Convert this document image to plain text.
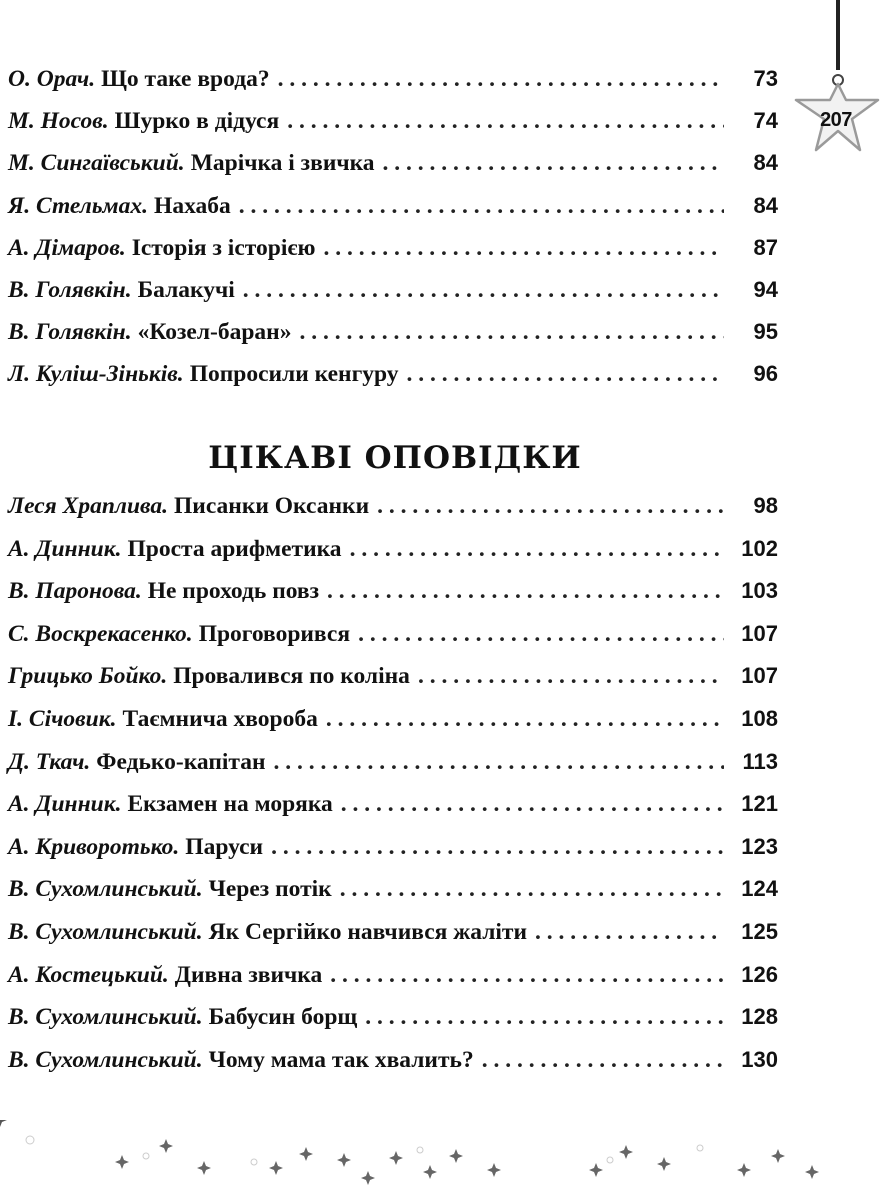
207
О. Орач. Що таке врода? . . .	73
М. Носов. Шурко в дідуся . . .	74
М. Сингаївський. Марічка і звичка . . .	84
Я. Стельмах. Нахаба . . .	84
А. Дімаров. Історія з історією . . .	87
В. Голявкін. Балакучі . . .	94
В. Голявкін. «Козел-баран» . . .	95
Л. Куліш-Зіньків. Попросили кенгуру . . .	96
ЦІКАВІ ОПОВІДКИ
Леся Храплива. Писанки Оксанки . . .	98
А. Динник. Проста арифметика . . .	102
В. Паронова. Не проходь повз . . .	103
С. Воскрекасенко. Проговорився . . .	107
Грицько Бойко. Провалився по коліна . . .	107
І. Січовик. Таємнича хвороба . . .	108
Д. Ткач. Федько-капітан . . .	113
А. Динник. Екзамен на моряка . . .	121
А. Криворотько. Паруси . . .	123
В. Сухомлинський. Через потік . . .	124
В. Сухомлинський. Як Сергійко навчився жаліти . . .	125
А. Костецький. Дивна звичка . . .	126
В. Сухомлинський. Бабусин борщ . . .	128
В. Сухомлинський. Чому мама так хвалить? . . .	130
